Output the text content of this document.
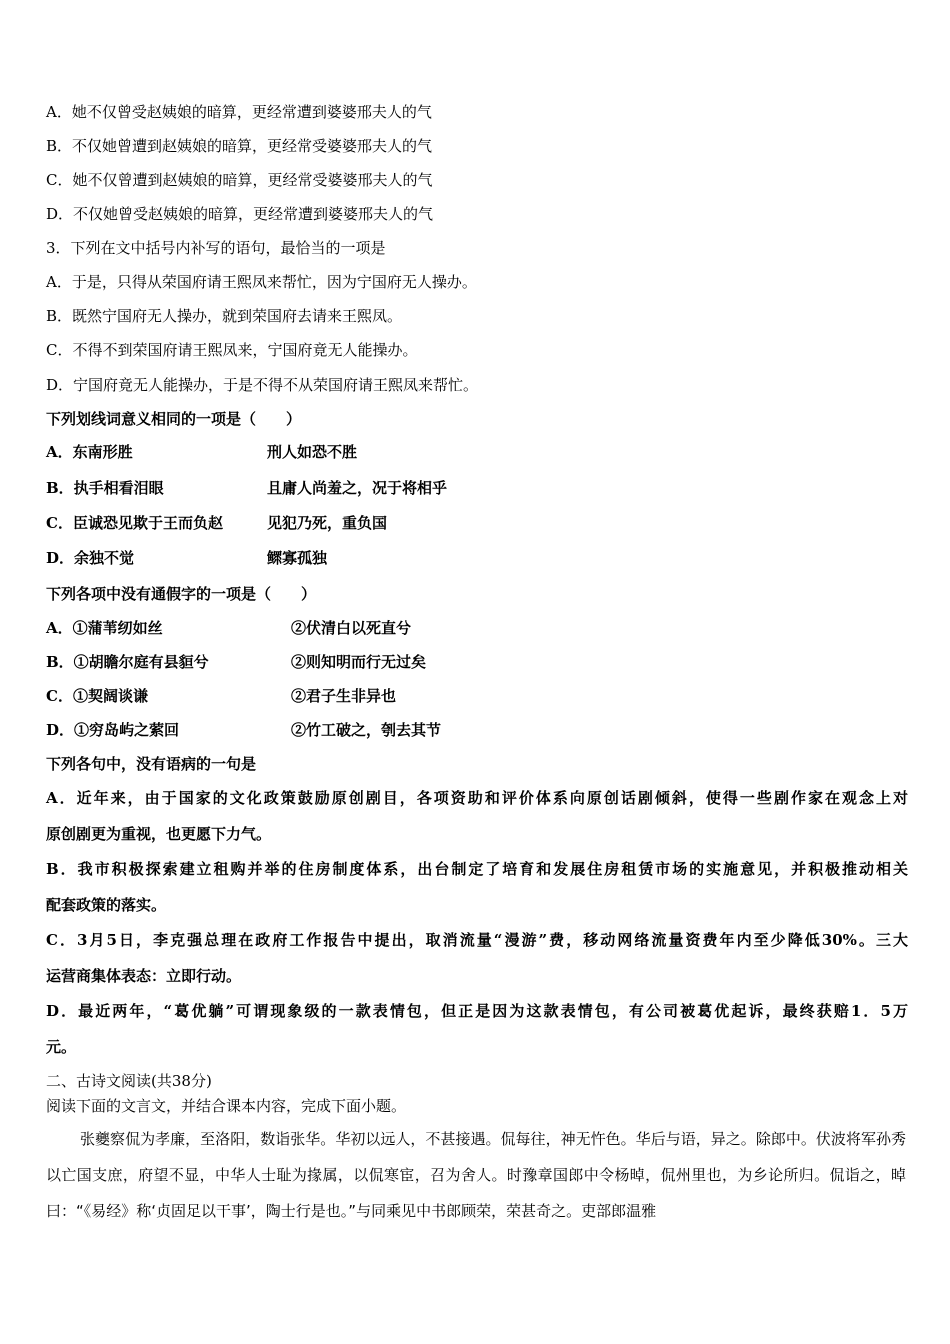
A．她不仅曾受赵姨娘的暗算，更经常遭到婆婆邢夫人的气
B．不仅她曾遭到赵姨娘的暗算，更经常受婆婆邢夫人的气
C．她不仅曾遭到赵姨娘的暗算，更经常受婆婆邢夫人的气
D．不仅她曾受赵姨娘的暗算，更经常遭到婆婆邢夫人的气
3．下列在文中括号内补写的语句，最恰当的一项是
A．于是，只得从荣国府请王熙凤来帮忙，因为宁国府无人操办。
B．既然宁国府无人操办，就到荣国府去请来王熙凤。
C．不得不到荣国府请王熙凤来，宁国府竟无人能操办。
D．宁国府竟无人能操办，于是不得不从荣国府请王熙凤来帮忙。
下列划线词意义相同的一项是（　　）
A．东南形胜	刑人如恐不胜
B．执手相看泪眼	且庸人尚羞之，况于将相乎
C．臣诚恐见欺于王而负赵	见犯乃死，重负国
D．余独不觉	鳏寡孤独
下列各项中没有通假字的一项是（　　）
A．①蒲苇纫如丝	②伏清白以死直兮
B．①胡瞻尔庭有县貆兮	②则知明而行无过矣
C．①契阔谈谦	②君子生非异也
D．①穷岛屿之萦回	②竹工破之，刳去其节
下列各句中，没有语病的一句是
A．近年来，由于国家的文化政策鼓励原创剧目，各项资助和评价体系向原创话剧倾斜，使得一些剧作家在观念上对
原创剧更为重视，也更愿下力气。
B．我市积极探索建立租购并举的住房制度体系，出台制定了培育和发展住房租赁市场的实施意见，并积极推动相关
配套政策的落实。
C．3月5日，李克强总理在政府工作报告中提出，取消流量“漫游”费，移动网络流量资费年内至少降低30%。三大
运营商集体表态：立即行动。
D．最近两年，“葛优躺”可谓现象级的一款表情包，但正是因为这款表情包，有公司被葛优起诉，最终获赔1．5万
元。
二、古诗文阅读(共38分)
阅读下面的文言文，并结合课本内容，完成下面小题。
张夔察侃为孝廉，至洛阳，数诣张华。华初以远人，不甚接遇。侃每往，神无忤色。华后与语，异之。除郎中。伏波将军孙秀以亡国支庶，府望不显，中华人士耻为掾属，以侃寒宦，召为舍人。时豫章国郎中令杨晫，侃州里也，为乡论所归。侃诣之，晫曰：“《易经》称‘贞固足以干事’，陶士行是也。”与同乘见中书郎顾荣，荣甚奇之。吏部郎温雅
